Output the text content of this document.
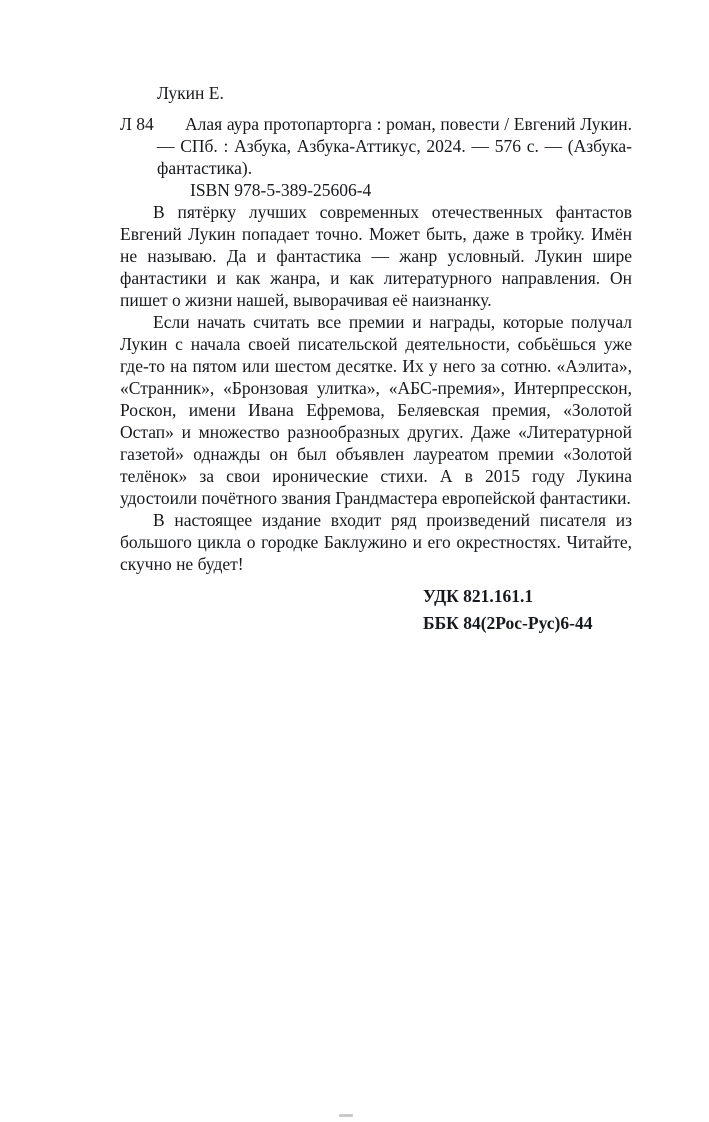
Лукин Е.
Л 84	Алая аура протопарторга : роман, повести / Евгений Лукин. — СПб. : Азбука, Азбука-Аттикус, 2024. — 576 с. — (Азбука-фантастика).

ISBN 978-5-389-25606-4

В пятёрку лучших современных отечественных фантастов Евгений Лукин попадает точно. Может быть, даже в тройку. Имён не называю. Да и фантастика — жанр условный. Лукин шире фантастики и как жанра, и как литературного направления. Он пишет о жизни нашей, выворачивая её наизнанку.

Если начать считать все премии и награды, которые получал Лукин с начала своей писательской деятельности, собьёшься уже где-то на пятом или шестом десятке. Их у него за сотню. «Аэлита», «Странник», «Бронзовая улитка», «АБС-премия», Интерпресскон, Роскон, имени Ивана Ефремова, Беляевская премия, «Золотой Остап» и множество разнообразных других. Даже «Литературной газетой» однажды он был объявлен лауреатом премии «Золотой телёнок» за свои иронические стихи. А в 2015 году Лукина удостоили почётного звания Грандмастера европейской фантастики.

В настоящее издание входит ряд произведений писателя из большого цикла о городке Баклужино и его окрестностях. Читайте, скучно не будет!

УДК 821.161.1
ББК 84(2Рос-Рус)6-44
